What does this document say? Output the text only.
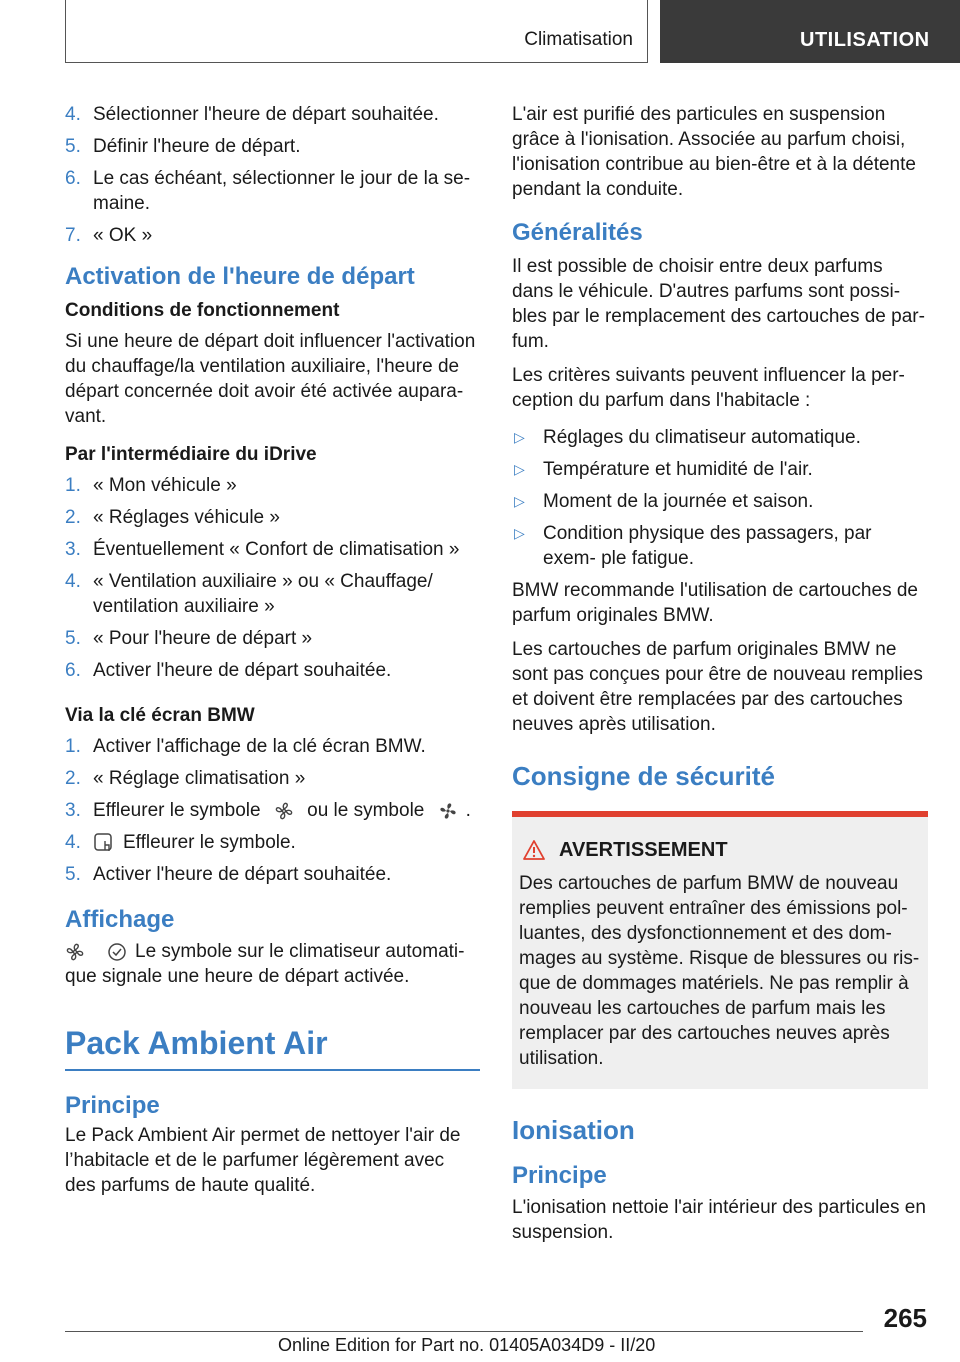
Climatisation	UTILISATION
4. Sélectionner l'heure de départ souhaitée.
5. Définir l'heure de départ.
6. Le cas échéant, sélectionner le jour de la se‐ maine.
7. « OK »
Activation de l'heure de départ
Conditions de fonctionnement

Si une heure de départ doit influencer l'activation du chauffage/la ventilation auxiliaire, l'heure de départ concernée doit avoir été activée aupara‐ vant.

Par l'intermédiaire du iDrive
1. « Mon véhicule »
2. « Réglages véhicule »
3. Éventuellement « Confort de climatisation »
4. « Ventilation auxiliaire » ou « Chauffage/ ventilation auxiliaire »
5. « Pour l'heure de départ »
6. Activer l'heure de départ souhaitée.
Via la clé écran BMW
1. Activer l'affichage de la clé écran BMW.
2. « Réglage climatisation »
3. Effleurer le symbole ou le symbole .
4.	Effleurer le symbole.
5. Activer l'heure de départ souhaitée.
Affichage

Le symbole sur le climatiseur automati‐ que signale une heure de départ activée.

Pack Ambient Air
Principe

Le Pack Ambient Air permet de nettoyer l'air de l’habitacle et de le parfumer légèrement avec des parfums de haute qualité.

L'air est purifié des particules en suspension grâce à l'ionisation. Associée au parfum choisi, l'ionisation contribue au bien-être et à la détente pendant la conduite.

Généralités

Il est possible de choisir entre deux parfums dans le véhicule. D'autres parfums sont possi‐ bles par le remplacement des cartouches de par‐ fum.

Les critères suivants peuvent influencer la per‐ ception du parfum dans l'habitacle :

▷ Réglages du climatiseur automatique.
▷ Température et humidité de l'air.
▷ Moment de la journée et saison.
▷ Condition physique des passagers, par exem‐ ple fatigue.

BMW recommande l'utilisation de cartouches de parfum originales BMW.

Les cartouches de parfum originales BMW ne sont pas conçues pour être de nouveau remplies et doivent être remplacées par des cartouches neuves après utilisation.

Consigne de sécurité
AVERTISSEMENT

Des cartouches de parfum BMW de nouveau remplies peuvent entraîner des émissions pol‐ luantes, des dysfonctionnement et des dom‐ mages au système. Risque de blessures ou ris‐ que de dommages matériels. Ne pas remplir à nouveau les cartouches de parfum mais les remplacer par des cartouches neuves après utilisation.

Ionisation
Principe

L'ionisation nettoie l'air intérieur des particules en suspension.

265
Online Edition for Part no. 01405A034D9 - II/20
